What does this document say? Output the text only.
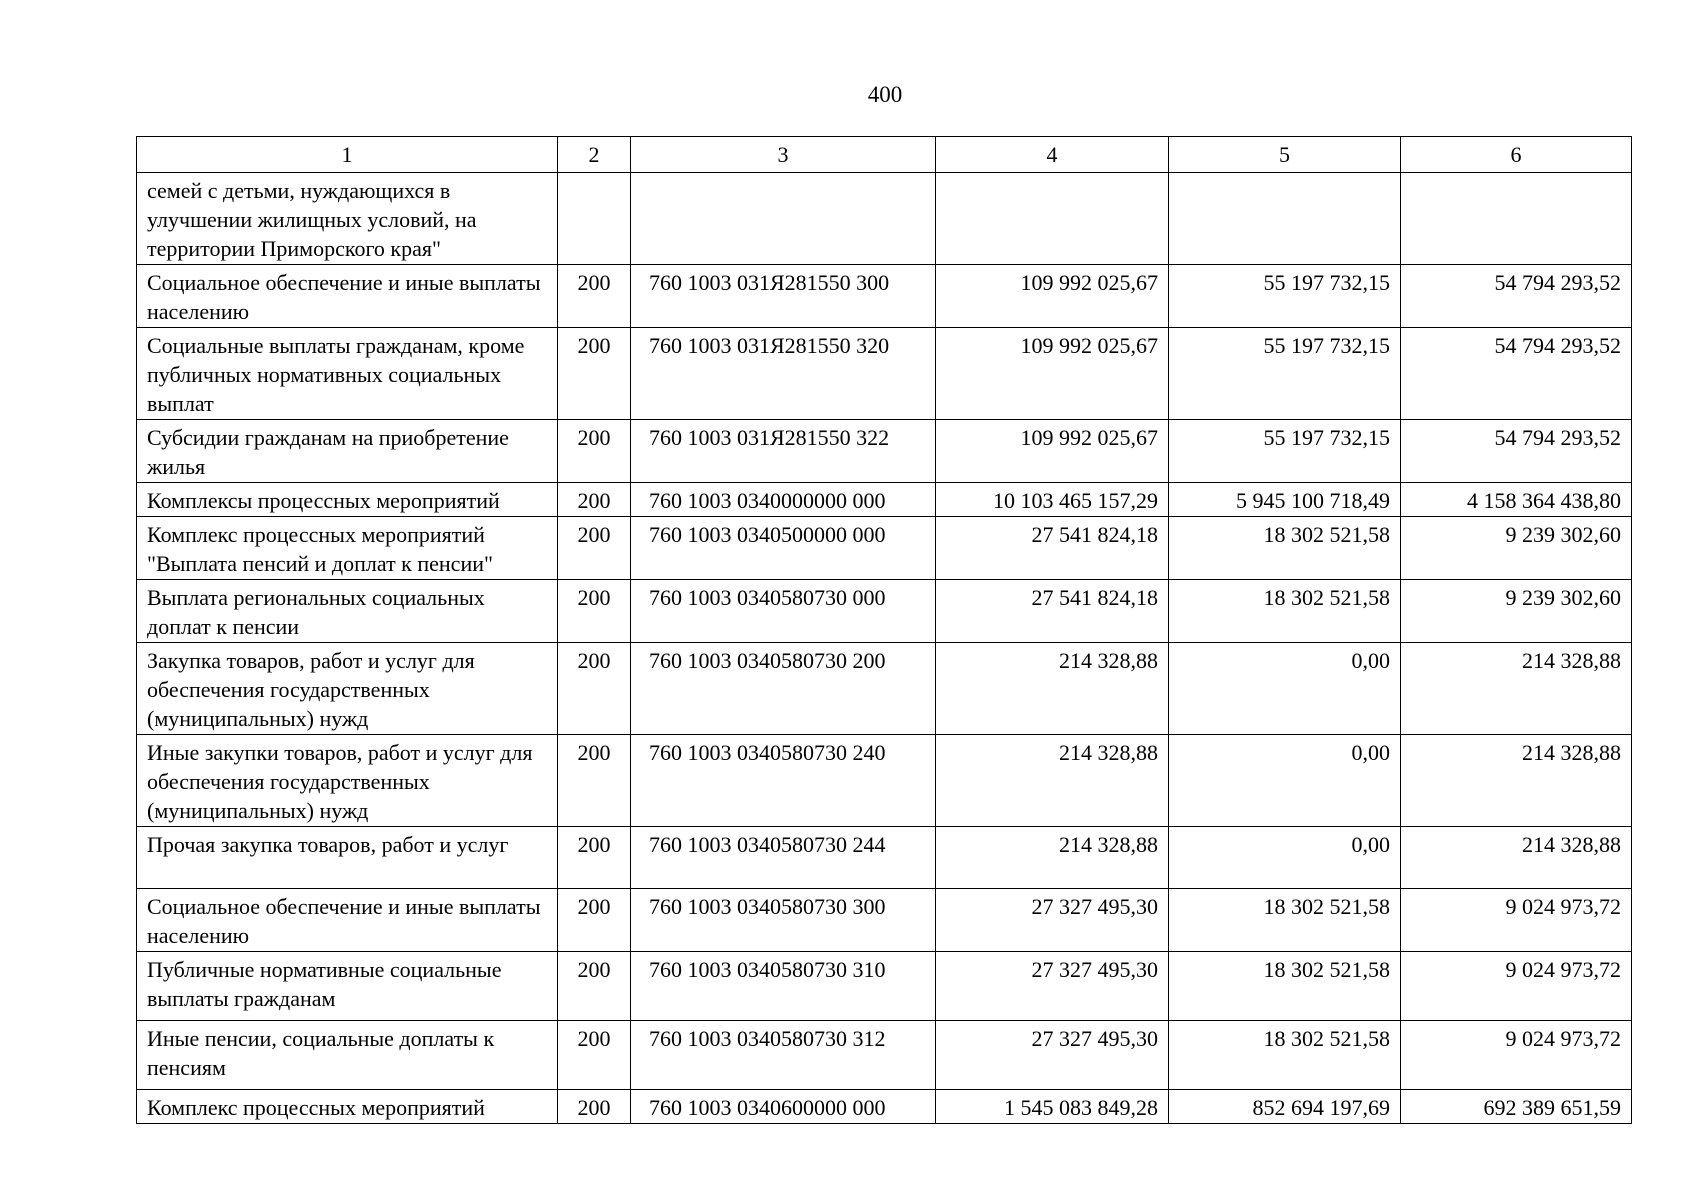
400
1	2	3	4	5	6
семей с детьми, нуждающихся в улучшении жилищных условий, на территории Приморского края"					
Социальное обеспечение и иные выплаты населению	200	760 1003 031Я281550 300	109 992 025,67	55 197 732,15	54 794 293,52
Социальные выплаты гражданам, кроме публичных нормативных социальных выплат	200	760 1003 031Я281550 320	109 992 025,67	55 197 732,15	54 794 293,52
Субсидии гражданам на приобретение жилья	200	760 1003 031Я281550 322	109 992 025,67	55 197 732,15	54 794 293,52
Комплексы процессных мероприятий	200	760 1003 0340000000 000	10 103 465 157,29	5 945 100 718,49	4 158 364 438,80
Комплекс процессных мероприятий "Выплата пенсий и доплат к пенсии"	200	760 1003 0340500000 000	27 541 824,18	18 302 521,58	9 239 302,60
Выплата региональных социальных доплат к пенсии	200	760 1003 0340580730 000	27 541 824,18	18 302 521,58	9 239 302,60
Закупка товаров, работ и услуг для обеспечения государственных (муниципальных) нужд	200	760 1003 0340580730 200	214 328,88	0,00	214 328,88
Иные закупки товаров, работ и услуг для обеспечения государственных (муниципальных) нужд	200	760 1003 0340580730 240	214 328,88	0,00	214 328,88
Прочая закупка товаров, работ и услуг	200	760 1003 0340580730 244	214 328,88	0,00	214 328,88
Социальное обеспечение и иные выплаты населению	200	760 1003 0340580730 300	27 327 495,30	18 302 521,58	9 024 973,72
Публичные нормативные социальные выплаты гражданам	200	760 1003 0340580730 310	27 327 495,30	18 302 521,58	9 024 973,72
Иные пенсии, социальные доплаты к пенсиям	200	760 1003 0340580730 312	27 327 495,30	18 302 521,58	9 024 973,72
Комплекс процессных мероприятий	200	760 1003 0340600000 000	1 545 083 849,28	852 694 197,69	692 389 651,59
